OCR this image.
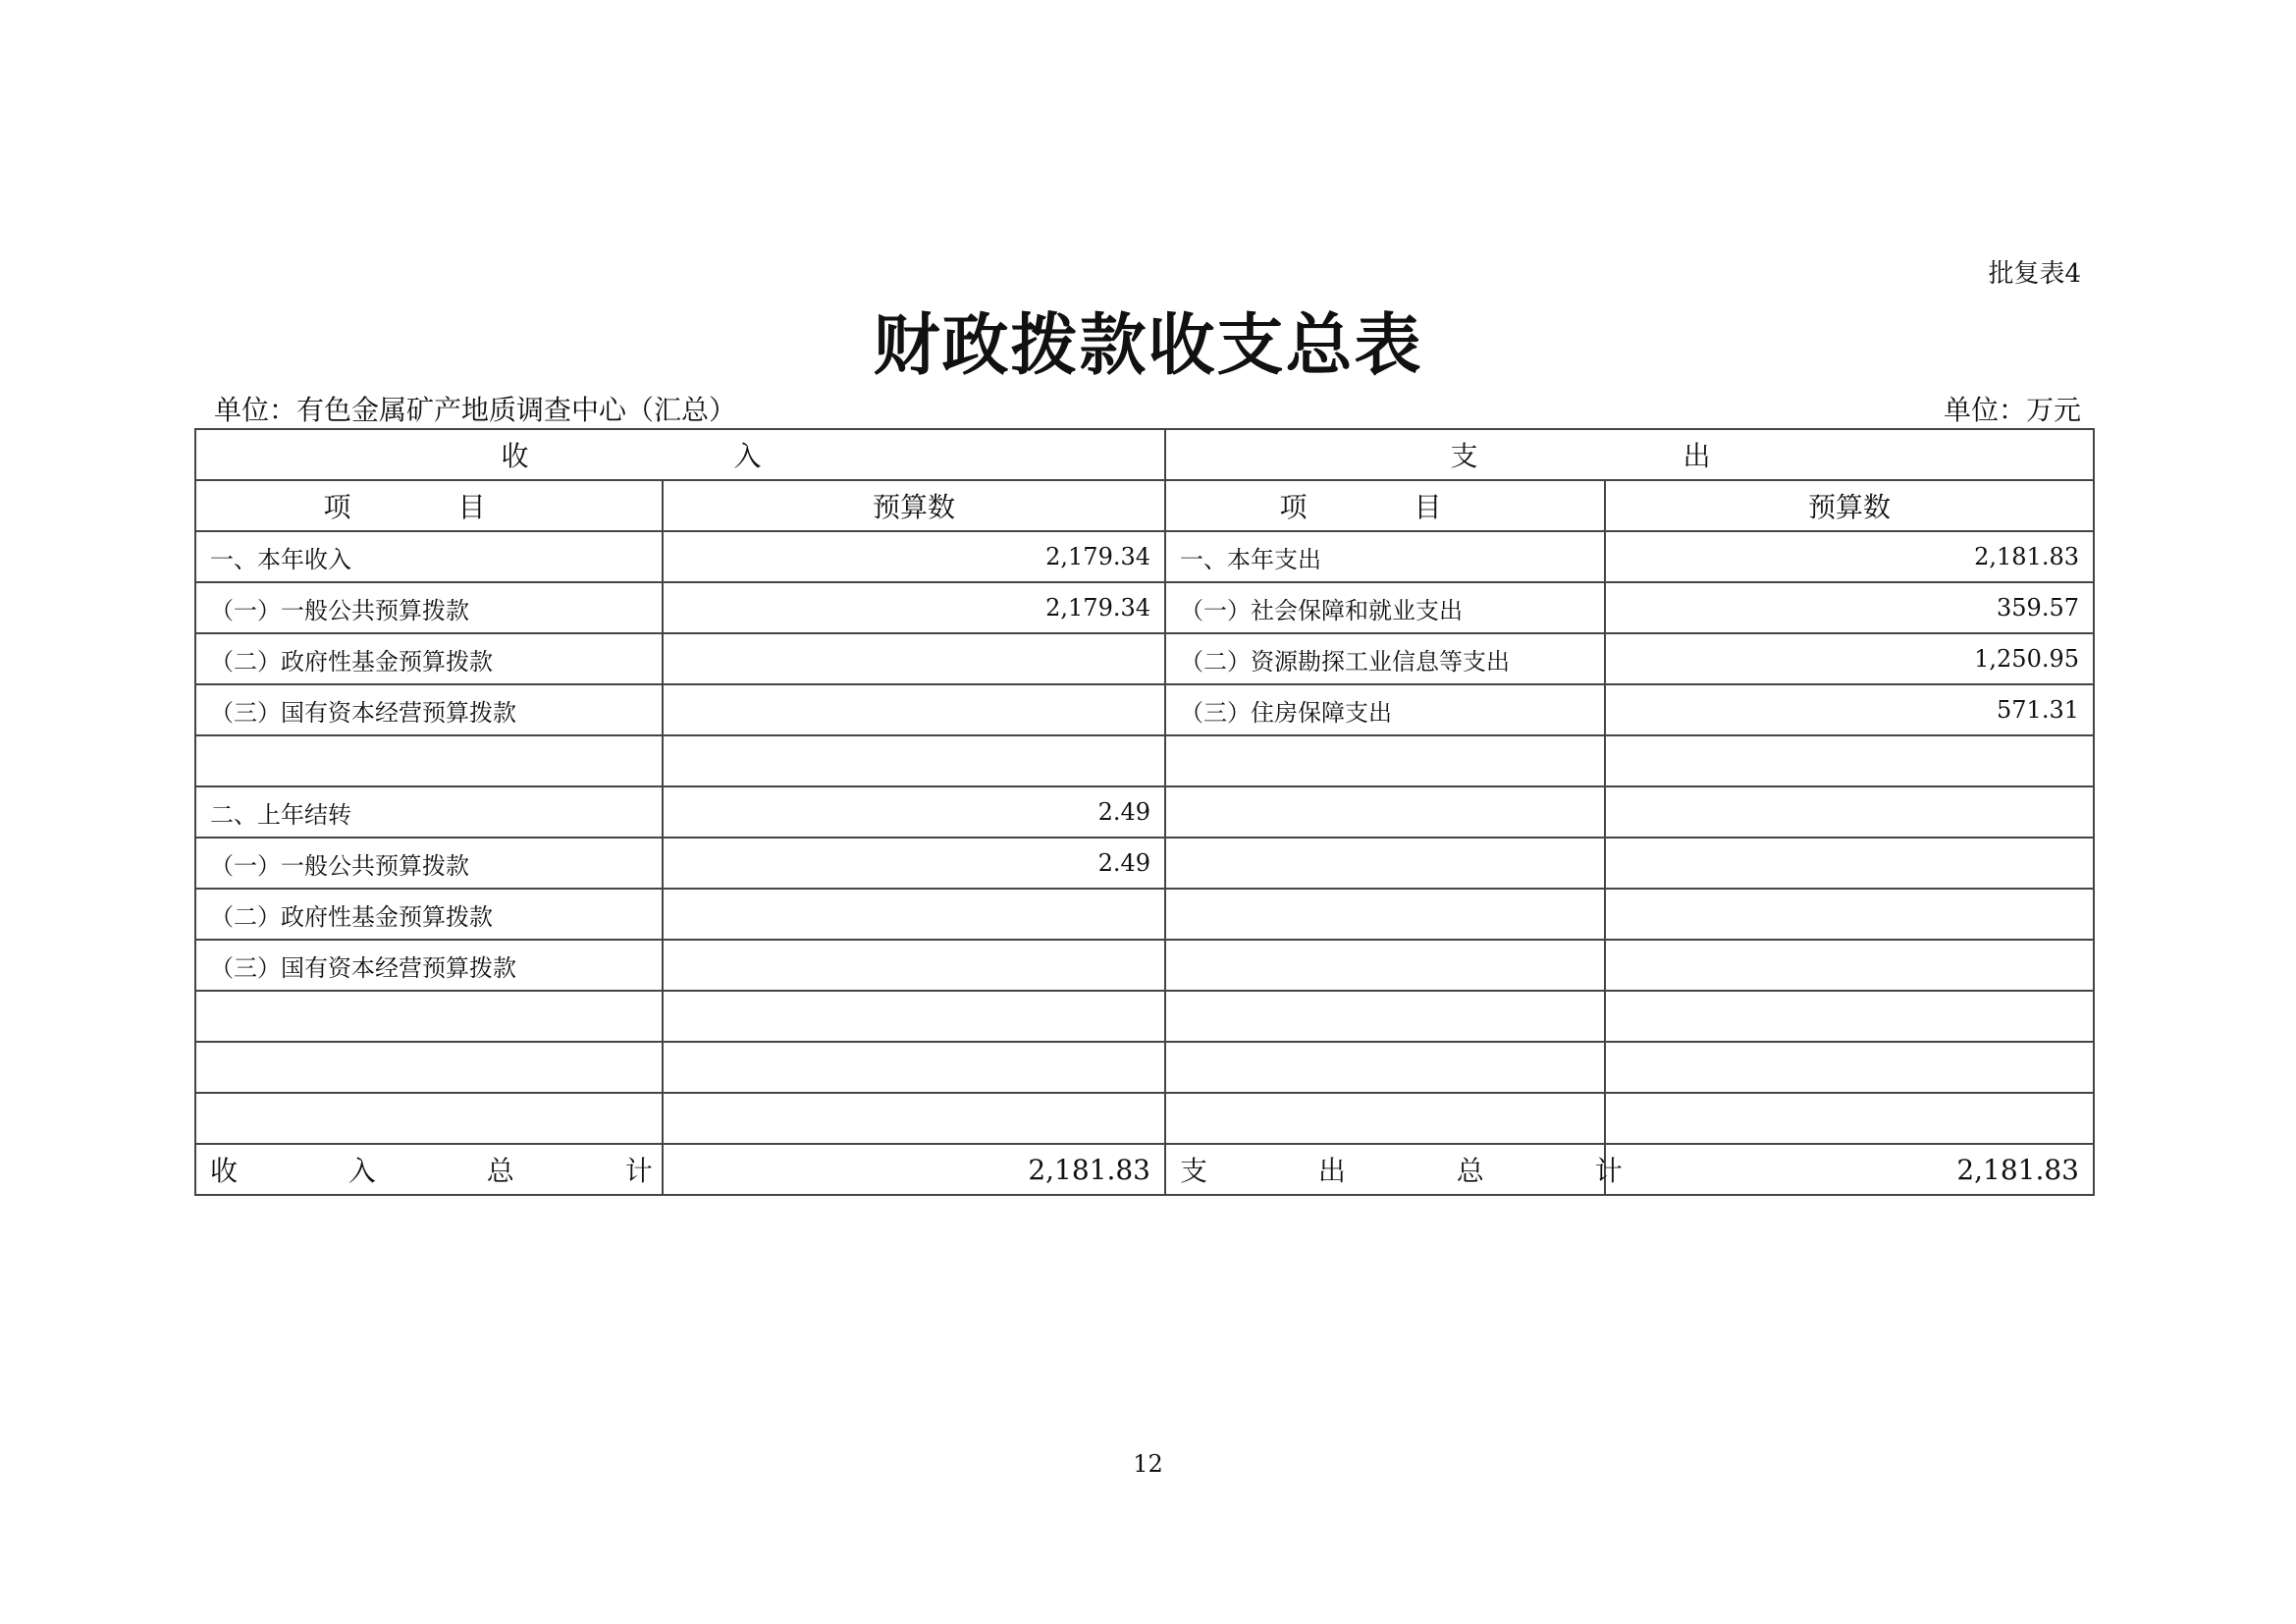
批复表4
财政拨款收支总表
单位：有色金属矿产地质调查中心（汇总）	单位：万元
收 入		支 出	
项 目	预算数	项 目	预算数
一、本年收入	2,179.34	一、本年支出	2,181.83
（一）一般公共预算拨款	2,179.34	（一）社会保障和就业支出	359.57
（二）政府性基金预算拨款		（二）资源勘探工业信息等支出	1,250.95
（三）国有资本经营预算拨款		（三）住房保障支出	571.31

二、上年结转	2.49		
（一）一般公共预算拨款	2.49		
（二）政府性基金预算拨款			
（三）国有资本经营预算拨款			

收 入 总 计	2,181.83	支 出 总 计	2,181.83
12
